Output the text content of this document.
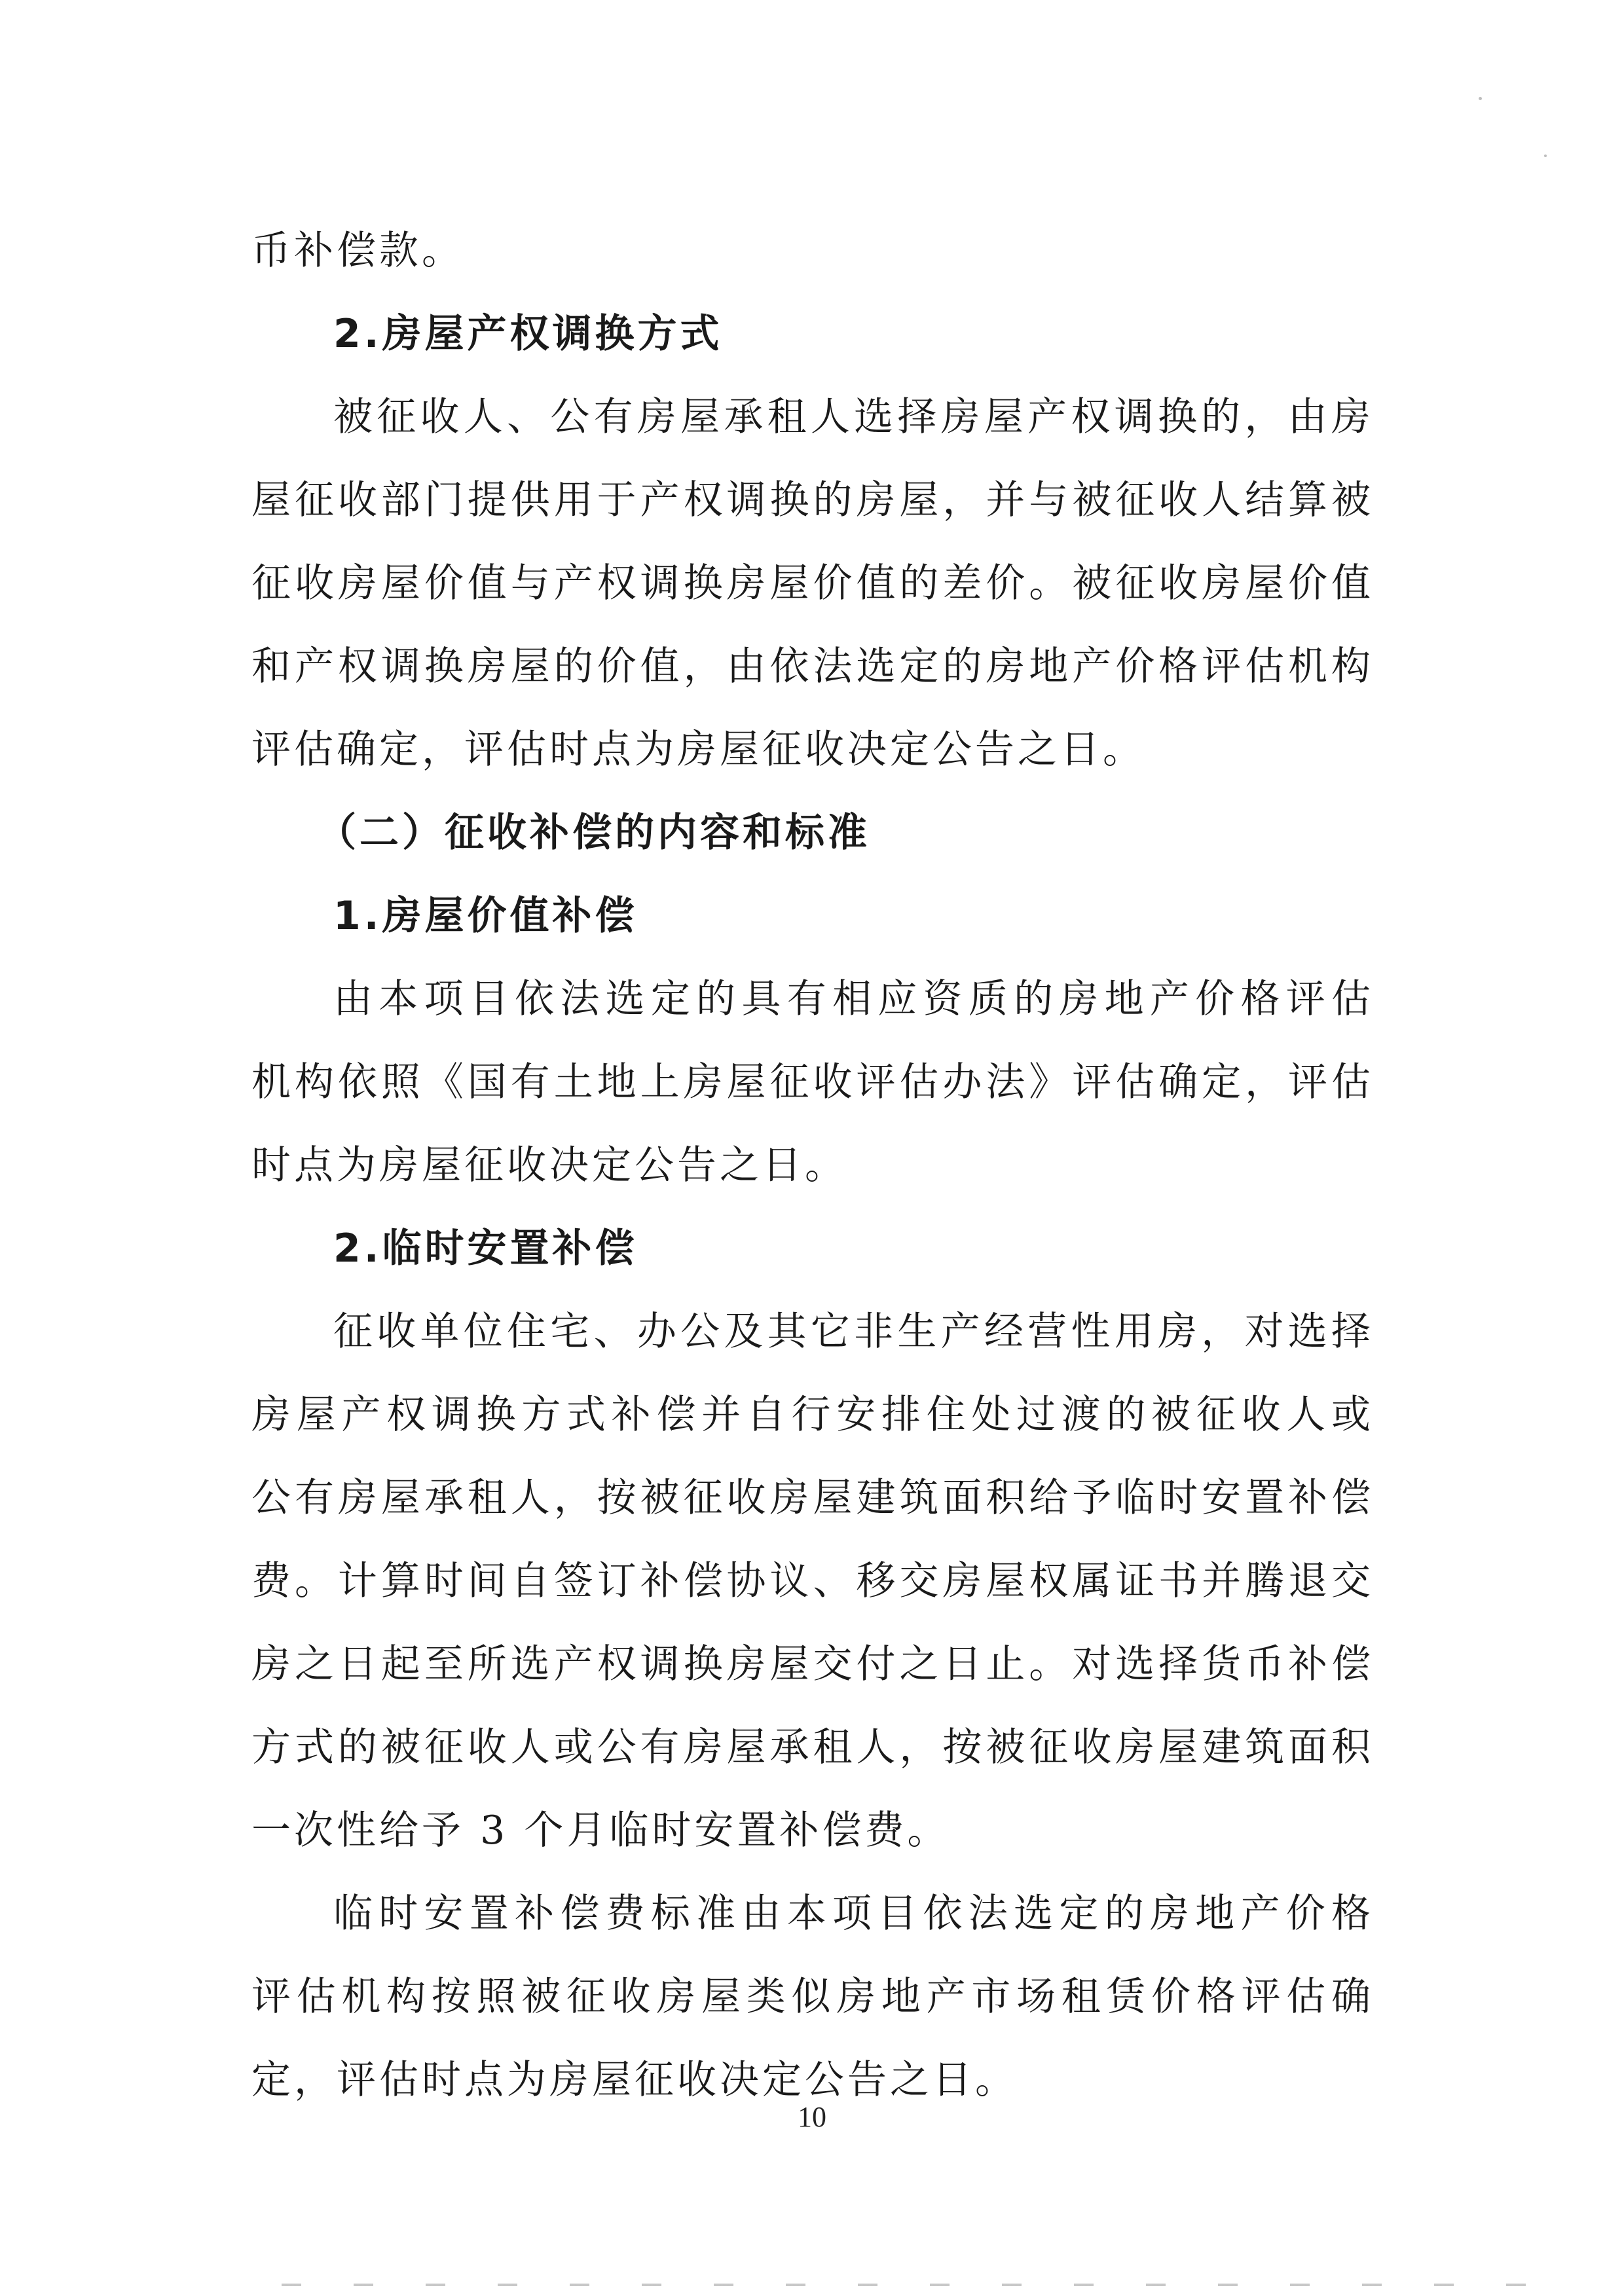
币补偿款。
2.房屋产权调换方式
被征收人、公有房屋承租人选择房屋产权调换的，由房
屋征收部门提供用于产权调换的房屋，并与被征收人结算被
征收房屋价值与产权调换房屋价值的差价。被征收房屋价值
和产权调换房屋的价值，由依法选定的房地产价格评估机构
评估确定，评估时点为房屋征收决定公告之日。
（二）征收补偿的内容和标准
1.房屋价值补偿
由本项目依法选定的具有相应资质的房地产价格评估
机构依照《国有土地上房屋征收评估办法》评估确定，评估
时点为房屋征收决定公告之日。
2.临时安置补偿
征收单位住宅、办公及其它非生产经营性用房，对选择
房屋产权调换方式补偿并自行安排住处过渡的被征收人或
公有房屋承租人，按被征收房屋建筑面积给予临时安置补偿
费。计算时间自签订补偿协议、移交房屋权属证书并腾退交
房之日起至所选产权调换房屋交付之日止。对选择货币补偿
方式的被征收人或公有房屋承租人，按被征收房屋建筑面积
一次性给予 3 个月临时安置补偿费。
临时安置补偿费标准由本项目依法选定的房地产价格
评估机构按照被征收房屋类似房地产市场租赁价格评估确
定，评估时点为房屋征收决定公告之日。
10
